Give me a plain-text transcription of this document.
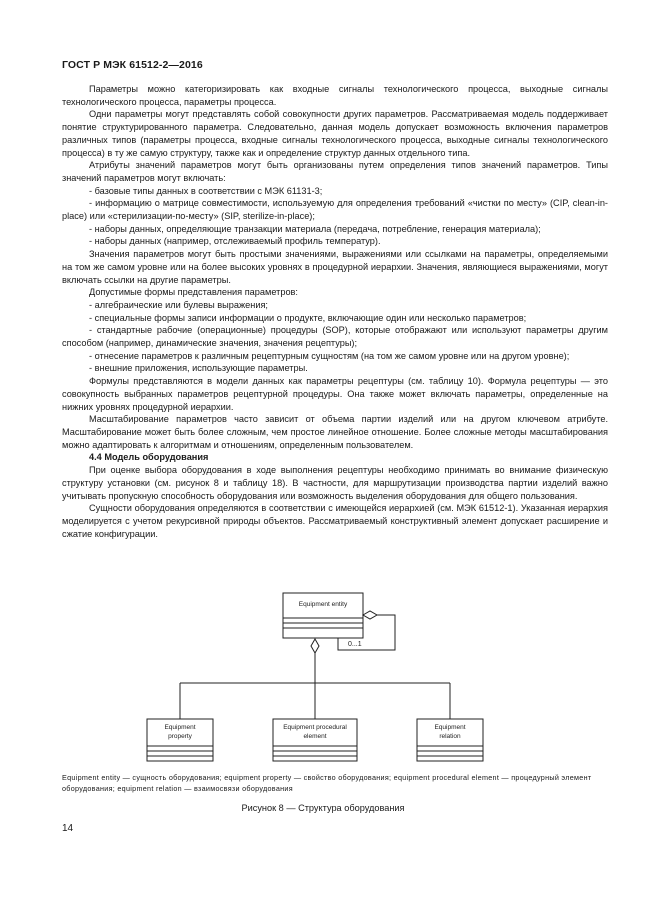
ГОСТ Р МЭК 61512-2—2016

Параметры можно категоризировать как входные сигналы технологического процесса, выходные сигналы технологического процесса, параметры процесса.

Одни параметры могут представлять собой совокупности других параметров. Рассматриваемая модель поддерживает понятие структурированного параметра. Следовательно, данная модель допускает возможность включения параметров различных типов (параметры процесса, входные сигналы технологического процесса, выходные сигналы технологического процесса) в ту же самую структуру, также как и определение структур данных отдельного типа.

Атрибуты значений параметров могут быть организованы путем определения типов значений параметров. Типы значений параметров могут включать:

- базовые типы данных в соответствии с МЭК 61131-3;

- информацию о матрице совместимости, используемую для определения требований «чистки по месту» (CIP, clean-in-place) или «стерилизации-по-месту» (SIP, sterilize-in-place);

- наборы данных, определяющие транзакции материала (передача, потребление, генерация материала);

- наборы данных (например, отслеживаемый профиль температур).

Значения параметров могут быть простыми значениями, выражениями или ссылками на параметры, определяемыми на том же самом уровне или на более высоких уровнях в процедурной иерархии. Значения, являющиеся выражениями, могут включать ссылки на другие параметры.

Допустимые формы представления параметров:

- алгебраические или булевы выражения;

- специальные формы записи информации о продукте, включающие один или несколько параметров;

- стандартные рабочие (операционные) процедуры (SOP), которые отображают или используют параметры другим способом (например, динамические значения, значения рецептуры);

- отнесение параметров к различным рецептурным сущностям (на том же самом уровне или на другом уровне);

- внешние приложения, использующие параметры.

Формулы представляются в модели данных как параметры рецептуры (см. таблицу 10). Формула рецептуры — это совокупность выбранных параметров рецептурной процедуры. Она также может включать параметры, определенные на нижних уровнях процедурной иерархии.

Масштабирование параметров часто зависит от объема партии изделий или на другом ключевом атрибуте. Масштабирование может быть более сложным, чем простое линейное отношение. Более сложные методы масштабирования можно адаптировать к алгоритмам и отношениям, определенным пользователем.

4.4 Модель оборудования

При оценке выбора оборудования в ходе выполнения рецептуры необходимо принимать во внимание физическую структуру установки (см. рисунок 8 и таблицу 18). В частности, для маршрутизации производства партии изделий важно учитывать пропускную способность оборудования или возможность выделения оборудования для общего пользования.

Сущности оборудования определяются в соответствии с имеющейся иерархией (см. МЭК 61512-1). Указанная иерархия моделируется с учетом рекурсивной природы объектов. Рассматриваемый конструктивный элемент допускает расширение и сжатие конфигурации.

Equipment entity
0...1
Equipment
property
Equipment procedural
element
Equipment
relation
Equipment entity — сущность оборудования; equipment property — свойство оборудования; equipment procedural element — процедурный элемент оборудования; equipment relation — взаимосвязи оборудования
Рисунок 8 — Структура оборудования
14
